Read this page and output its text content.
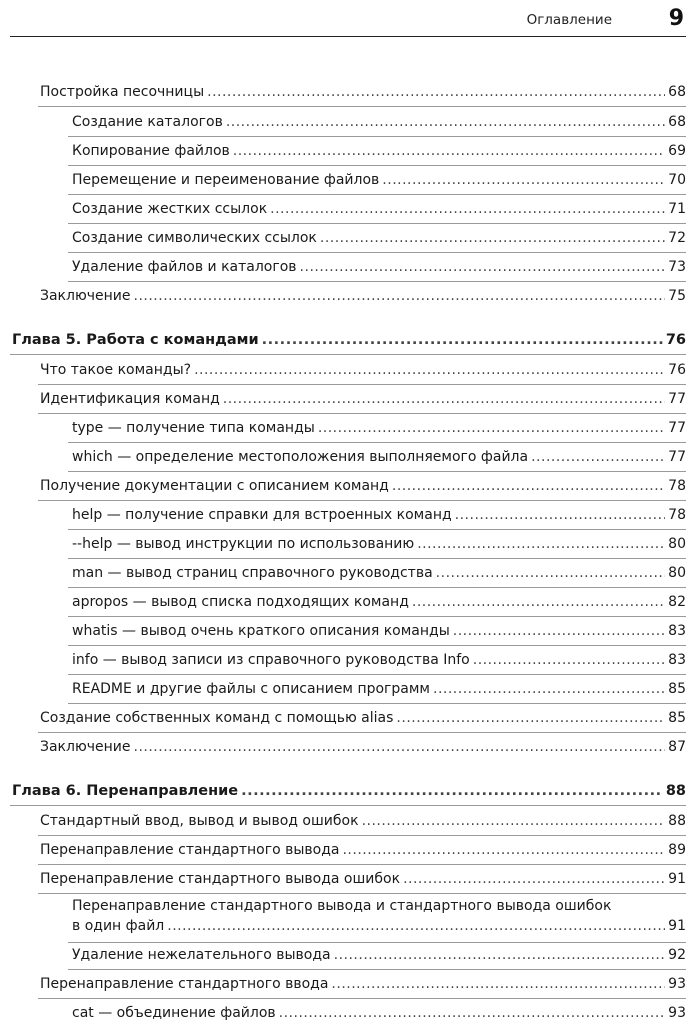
Оглавление	9
Постройка песочницы .....	68
Создание каталогов .....	68
Копирование файлов .....	69
Перемещение и переименование файлов .....	70
Создание жестких ссылок .....	71
Создание символических ссылок .....	72
Удаление файлов и каталогов .....	73
Заключение .....	75
Глава 5. Работа с командами .....	76
Что такое команды? .....	76
Идентификация команд .....	77
type — получение типа команды .....	77
which — определение местоположения выполняемого файла .....	77
Получение документации с описанием команд .....	78
help — получение справки для встроенных команд .....	78
--help — вывод инструкции по использованию .....	80
man — вывод страниц справочного руководства .....	80
apropos — вывод списка подходящих команд .....	82
whatis — вывод очень краткого описания команды .....	83
info — вывод записи из справочного руководства Info .....	83
README и другие файлы с описанием программ .....	85
Создание собственных команд с помощью alias .....	85
Заключение .....	87
Глава 6. Перенаправление .....	88
Стандартный ввод, вывод и вывод ошибок .....	88
Перенаправление стандартного вывода .....	89
Перенаправление стандартного вывода ошибок .....	91
Перенаправление стандартного вывода и стандартного вывода ошибок
в один файл .....	91
Удаление нежелательного вывода .....	92
Перенаправление стандартного ввода .....	93
cat — объединение файлов .....	93
